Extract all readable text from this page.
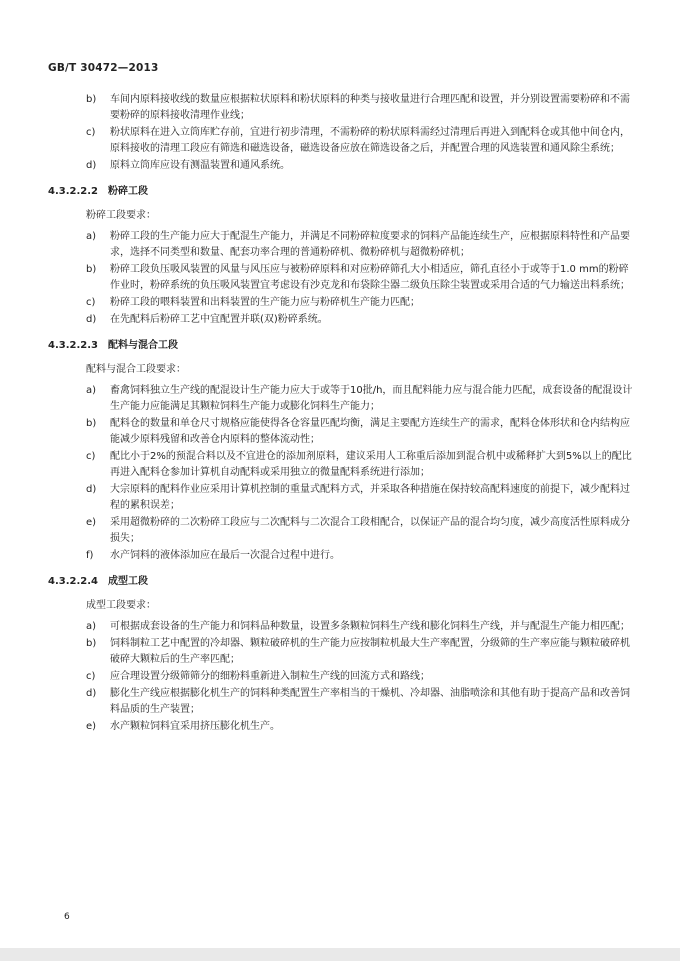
GB/T 30472—2013
b)	车间内原料接收线的数量应根据粒状原料和粉状原料的种类与接收量进行合理匹配和设置，并分别设置需要粉碎和不需要粉碎的原料接收清理作业线；
c)	粉状原料在进入立筒库贮存前，宜进行初步清理，不需粉碎的粉状原料需经过清理后再进入到配料仓或其他中间仓内，原料接收的清理工段应有筛选和磁选设备，磁选设备应放在筛选设备之后，并配置合理的风选装置和通风除尘系统；
d)	原料立筒库应设有测温装置和通风系统。
4.3.2.2.2 粉碎工段
粉碎工段要求：
a)	粉碎工段的生产能力应大于配混生产能力，并满足不同粉碎粒度要求的饲料产品能连续生产，应根据原料特性和产品要求，选择不同类型和数量、配套功率合理的普通粉碎机、微粉碎机与超微粉碎机；
b)	粉碎工段负压吸风装置的风量与风压应与被粉碎原料和对应粉碎筛孔大小相适应，筛孔直径小于或等于1.0 mm的粉碎作业时，粉碎系统的负压吸风装置宜考虑设有沙克龙和布袋除尘器二级负压除尘装置或采用合适的气力输送出料系统；
c)	粉碎工段的喂料装置和出料装置的生产能力应与粉碎机生产能力匹配；
d)	在先配料后粉碎工艺中宜配置并联(双)粉碎系统。
4.3.2.2.3 配料与混合工段
配料与混合工段要求：
a)	畜禽饲料独立生产线的配混设计生产能力应大于或等于10批/h，而且配料能力应与混合能力匹配，成套设备的配混设计生产能力应能满足其颗粒饲料生产能力或膨化饲料生产能力；
b)	配料仓的数量和单仓尺寸规格应能使得各仓容量匹配均衡，满足主要配方连续生产的需求，配料仓体形状和仓内结构应能减少原料残留和改善仓内原料的整体流动性；
c)	配比小于2%的预混合料以及不宜进仓的添加剂原料，建议采用人工称重后添加到混合机中或稀释扩大到5%以上的配比再进入配料仓参加计算机自动配料或采用独立的微量配料系统进行添加；
d)	大宗原料的配料作业应采用计算机控制的重量式配料方式，并采取各种措施在保持较高配料速度的前提下，减少配料过程的累积误差；
e)	采用超微粉碎的二次粉碎工段应与二次配料与二次混合工段相配合，以保证产品的混合均匀度，减少高度活性原料成分损失；
f)	水产饲料的液体添加应在最后一次混合过程中进行。
4.3.2.2.4 成型工段
成型工段要求：
a)	可根据成套设备的生产能力和饲料品种数量，设置多条颗粒饲料生产线和膨化饲料生产线，并与配混生产能力相匹配；
b)	饲料制粒工艺中配置的冷却器、颗粒破碎机的生产能力应按制粒机最大生产率配置，分级筛的生产率应能与颗粒破碎机破碎大颗粒后的生产率匹配；
c)	应合理设置分级筛筛分的细粉料重新进入制粒生产线的回流方式和路线；
d)	膨化生产线应根据膨化机生产的饲料种类配置生产率相当的干燥机、冷却器、油脂喷涂和其他有助于提高产品和改善饲料品质的生产装置；
e)	水产颗粒饲料宜采用挤压膨化机生产。
6
